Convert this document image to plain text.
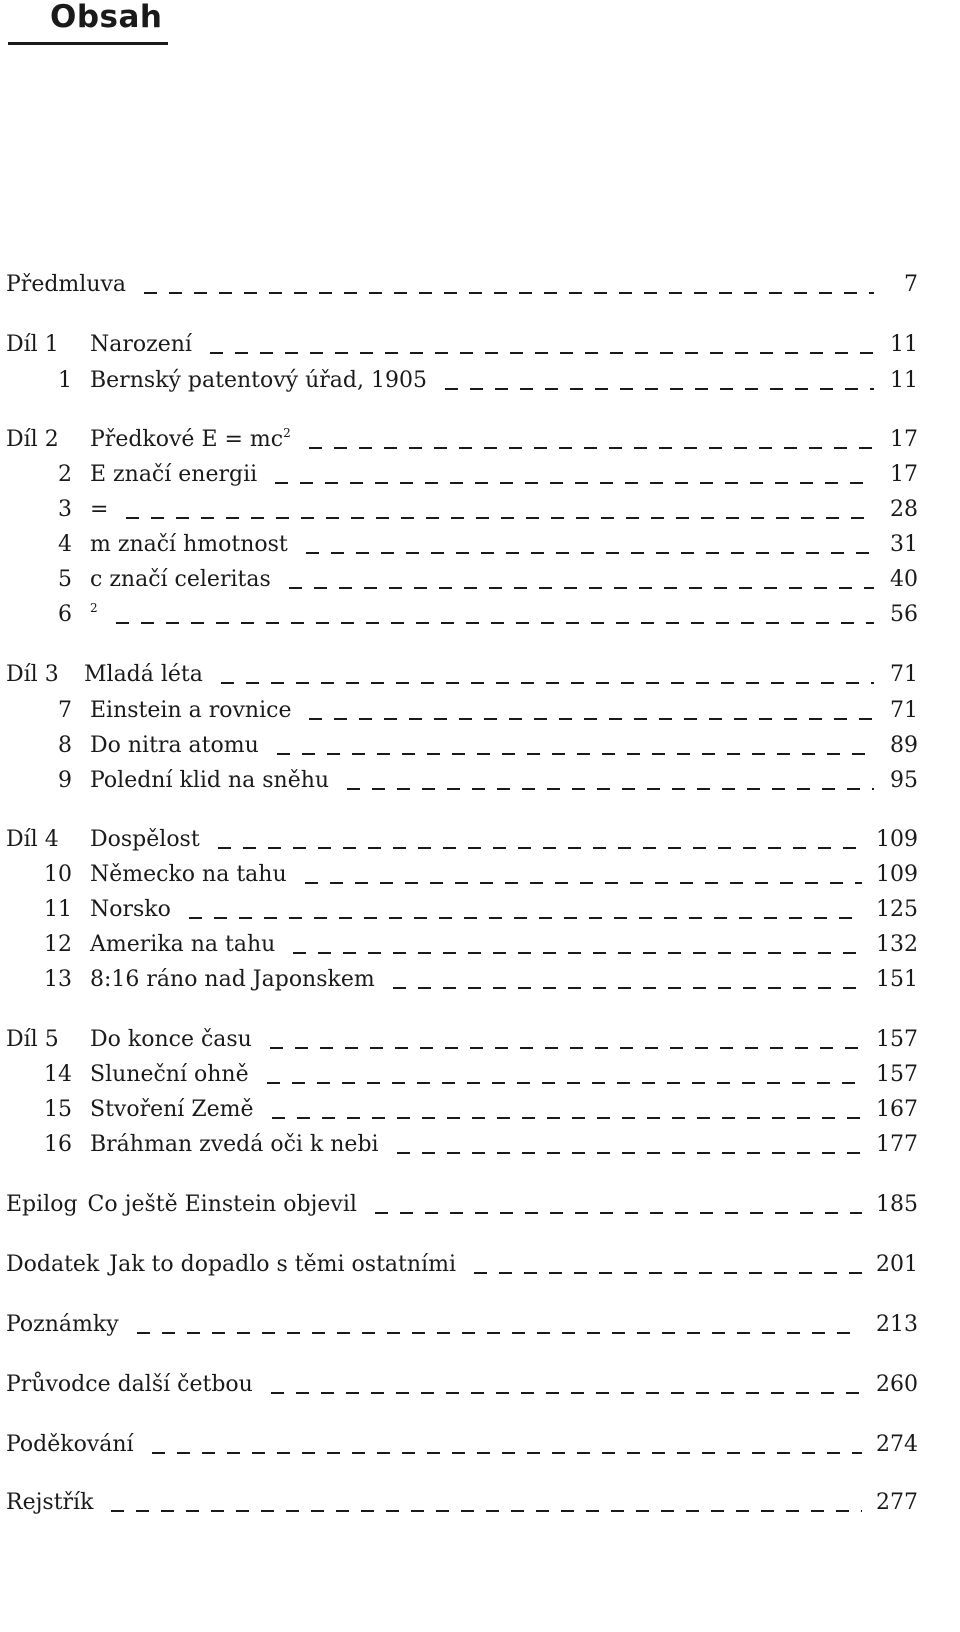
Obsah
Předmluva	7
Díl 1	Narození	11
1 Bernský patentový úřad, 1905	11
Díl 2	Předkové $E = mc^2$	17
2 E značí energii	17
3 =	28
4 m značí hmotnost	31
5 c značí celeritas	40
6 $^2$	56
Díl 3	Mladá léta	71
7 Einstein a rovnice	71
8 Do nitra atomu	89
9 Polední klid na sněhu	95
Díl 4	Dospělost	109
10 Německo na tahu	109
11 Norsko	125
12 Amerika na tahu	132
13 8:16 ráno nad Japonskem	151
Díl 5	Do konce času	157
14 Sluneční ohně	157
15 Stvoření Země	167
16 Bráhman zvedá oči k nebi	177
Epilog Co ještě Einstein objevil	185
Dodatek Jak to dopadlo s těmi ostatními	201
Poznámky	213
Průvodce další četbou	260
Poděkování	274
Rejstřík	277
